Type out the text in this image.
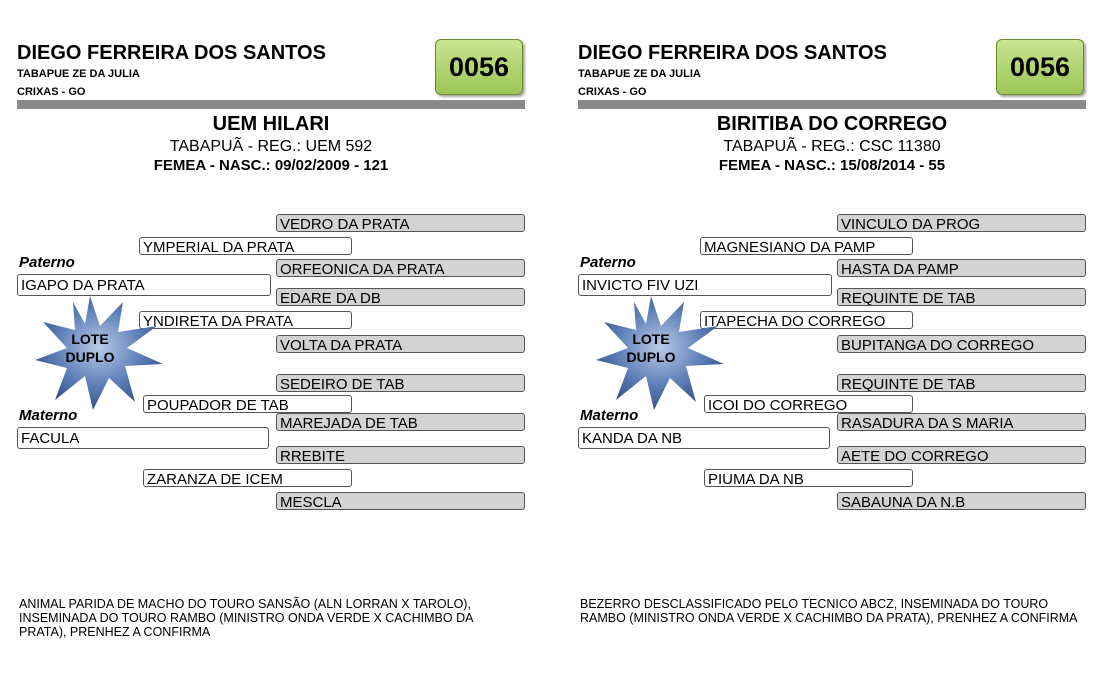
DIEGO FERREIRA DOS SANTOS
TABAPUE ZE DA JULIA
CRIXAS - GO
0056
UEM HILARI
TABAPUÃ - REG.: UEM 592
FEMEA - NASC.: 09/02/2009 - 121
VEDRO DA PRATA
YMPERIAL DA PRATA
Paterno	ORFEONICA DA PRATA
IGAPO DA PRATA
EDARE DA DB
YNDIRETA DA PRATA
VOLTA DA PRATA
LOTE
DUPLO
SEDEIRO DE TAB
POUPADOR DE TAB
Materno	MAREJADA DE TAB
FACULA
RREBITE
ZARANZA DE ICEM
MESCLA
ANIMAL PARIDA DE MACHO DO TOURO SANSÃO (ALN LORRAN X TAROLO), INSEMINADA DO TOURO RAMBO (MINISTRO ONDA VERDE X CACHIMBO DA PRATA), PRENHEZ A CONFIRMA
DIEGO FERREIRA DOS SANTOS
TABAPUE ZE DA JULIA
CRIXAS - GO
0056
BIRITIBA DO CORREGO
TABAPUÃ - REG.: CSC 11380
FEMEA - NASC.: 15/08/2014 - 55
VINCULO DA PROG
MAGNESIANO DA PAMP
Paterno	HASTA DA PAMP
INVICTO FIV UZI
REQUINTE DE TAB
ITAPECHA DO CORREGO
BUPITANGA DO CORREGO
LOTE
DUPLO
REQUINTE DE TAB
ICOI DO CORREGO
Materno	RASADURA DA S MARIA
KANDA DA NB
AETE DO CORREGO
PIUMA DA NB
SABAUNA DA N.B
BEZERRO DESCLASSIFICADO PELO TECNICO ABCZ, INSEMINADA DO TOURO RAMBO (MINISTRO ONDA VERDE X CACHIMBO DA PRATA), PRENHEZ A CONFIRMA
